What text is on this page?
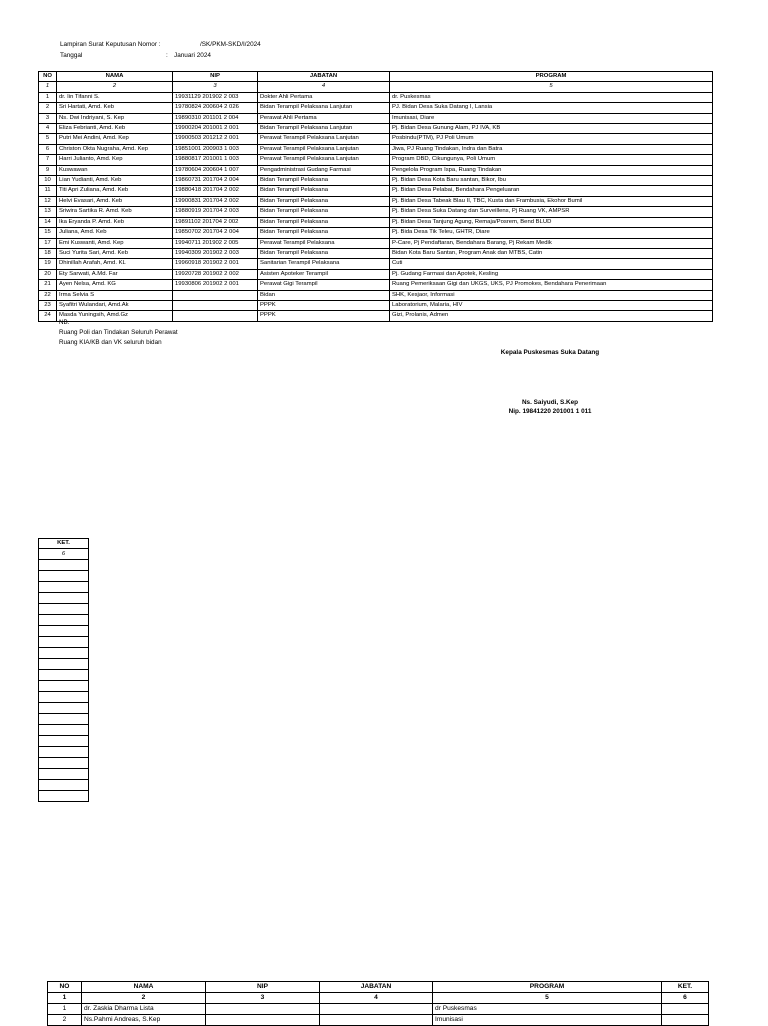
Lampiran Surat Keputusan Nomor :	/SK/PKM-SKD/I/2024
Tanggal	: Januari 2024
NO	NAMA	NIP	JABATAN	PROGRAM
1	2	3	4	5
1	dr. Iin Tifanni S.	19931129 201902 2 003	Dokter Ahli Pertama	dr. Puskesmas
2	Sri Hartati, Amd. Keb	19780824 200604 2 026	Bidan Terampil Pelaksana Lanjutan	PJ. Bidan Desa Suka Datang I, Lansia
3	Ns. Dwi Indriyani, S. Kep	19890310 201101 2 004	Perawat Ahli Pertama	Imunisasi, Diare
4	Eliza Febrianti, Amd. Keb	19900204 201001 2 001	Bidan Terampil Pelaksana Lanjutan	Pj. Bidan Desa Gunung Alam, PJ IVA, KB
5	Putri Mei Andini, Amd. Kep	19900503 201212 2 001	Perawat Terampil Pelaksana Lanjutan	Posbindu(PTM), PJ Poli Umum
6	Christon Okta Nugraha, Amd. Kep	19851001 200903 1 003	Perawat Terampil Pelaksana Lanjutan	Jiwa, PJ Ruang Tindakan, Indra dan Batra
7	Harri Julianto, Amd. Kep	19880817 201001 1 003	Perawat Terampil Pelaksana Lanjutan	Program DBD, Cikungunya, Poli Umum
9	Kuswawan	19780604 200604 1 007	Pengadministrasi Gudang Farmasi	Pengelola Program Ispa, Ruang Tindakan
10	Lian Yudianti, Amd. Keb	19860731 201704 2 004	Bidan Terampil Pelaksana	Pj. Bidan Desa Kota Baru santan, Bikor, Ibu
11	Titi Apri Zuliana, Amd. Keb	19880418 201704 2 002	Bidan Terampil Pelaksana	Pj. Bidan Desa Pelabai, Bendahara Pengeluaran
12	Helvi Evasari, Amd. Keb	19900831 201704 2 002	Bidan Terampil Pelaksana	Pj. Bidan Desa Tabeak Blau II, TBC, Kusta dan Frambusia, Ekohor Bumil
13	Sriwira Sartika R. Amd. Keb	19880919 201704 2 003	Bidan Terampil Pelaksana	Pj. Bidan Desa Suka Datang dan Surveillens, Pj Ruang VK, AMPSR
14	Ika Eryanda P. Amd. Keb	19891102 201704 2 002	Bidan Terampil Pelaksana	Pj. Bidan Desa Tanjung Agung, Remaja/Posrem, Bend BLUD
15	Juliana, Amd. Keb	19850702 201704 2 004	Bidan Terampil Pelaksana	Pj. Bida Desa Tik Teleu, GHTR, Diare
17	Emi Kuswanti, Amd. Kep	19940711 201902 2 005	Perawat Terampil Pelaksana	P-Care, Pj Pendaftaran, Bendahara Barang, Pj Rekam Medik
18	Suci Yurita Sari, Amd. Keb	19940309 201902 2 003	Bidan Terampil Pelaksana	Bidan Kota Baru Santan, Program Anak dan MTBS, Catin
19	Dhinillah Arafah, Amd. KL	19960918 201902 2 001	Sanitarian Terampil Pelaksana	Cuti
20	Ety Sarwati, A.Md. Far	19920728 201902 2 002	Asisten Apoteker Terampil	Pj. Gudang Farmasi dan Apotek, Kesling
21	Ayen Nelsa, Amd. KG	19930806 201902 2 001	Perawat Gigi Terampil	Ruang Pemeriksaan Gigi dan UKGS, UKS, PJ Promokes, Bendahara Penerimaan
22	Irma Selvia S		Bidan	SHK, Kesjaor, Informasi
23	Syafitri Wulandari, Amd.Ak		PPPK	Laboratorium, Malaria, HIV
24	Masda Yuningsih, Amd.Gz		PPPK	Gizi, Prolanis, Admen
NB.
Ruang Poli dan Tindakan Seluruh Perawat
Ruang KIA/KB dan VK seluruh bidan
Kepala Puskesmas Suka Datang
Ns. Saiyudi, S.Kep
Nip. 19841220 201001 1 011
KET.
6

NO	NAMA	NIP	JABATAN	PROGRAM	KET.
1	2	3	4	5	6
1	dr. Zaskia Dharma Lista			dr Puskesmas	
2	Ns.Pahmi Andreas, S.Kep			Imunisasi	
